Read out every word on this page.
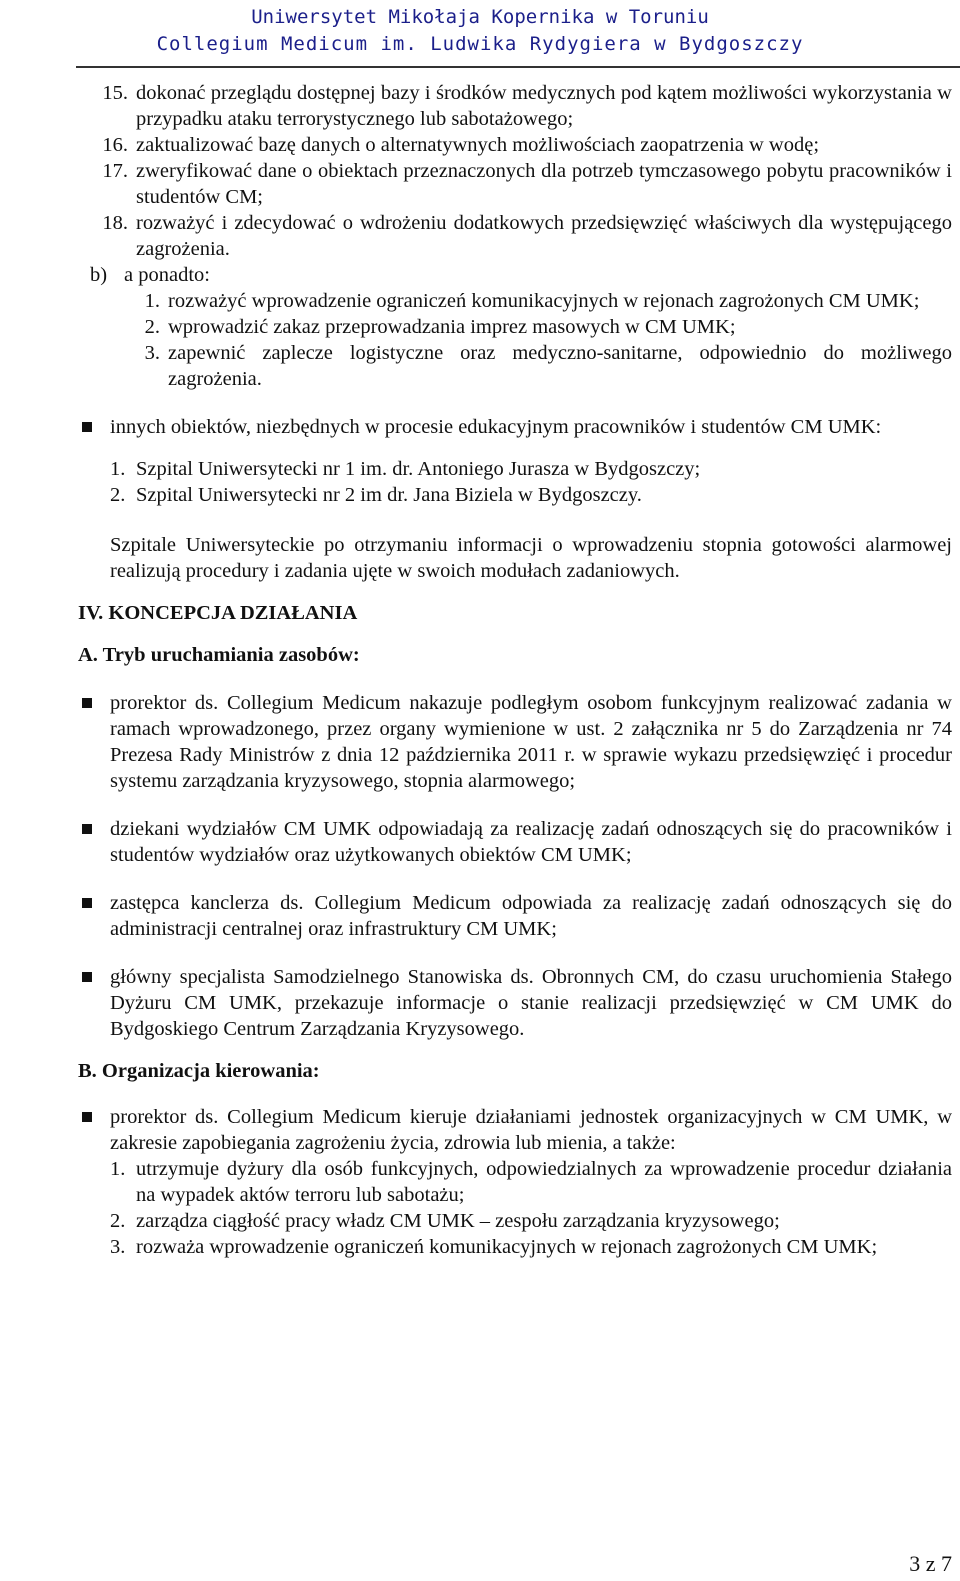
Uniwersytet Mikołaja Kopernika w Toruniu
Collegium Medicum im. Ludwika Rydygiera w Bydgoszczy
15. dokonać przeglądu dostępnej bazy i środków medycznych pod kątem możliwości wykorzystania w przypadku ataku terrorystycznego lub sabotażowego;
16. zaktualizować bazę danych o alternatywnych możliwościach zaopatrzenia w wodę;
17. zweryfikować dane o obiektach przeznaczonych dla potrzeb tymczasowego pobytu pracowników i studentów CM;
18. rozważyć i zdecydować o wdrożeniu dodatkowych przedsięwzięć właściwych dla występującego zagrożenia.
b) a ponadto:
1. rozważyć wprowadzenie ograniczeń komunikacyjnych w rejonach zagrożonych CM UMK;
2. wprowadzić zakaz przeprowadzania imprez masowych w CM UMK;
3. zapewnić zaplecze logistyczne oraz medyczno-sanitarne, odpowiednio do możliwego zagrożenia.
innych obiektów, niezbędnych w procesie edukacyjnym pracowników i studentów CM UMK:
1. Szpital Uniwersytecki nr 1 im. dr. Antoniego Jurasza w Bydgoszczy;
2. Szpital Uniwersytecki nr 2 im dr. Jana Biziela w Bydgoszczy.
Szpitale Uniwersyteckie po otrzymaniu informacji o wprowadzeniu stopnia gotowości alarmowej realizują procedury i zadania ujęte w swoich modułach zadaniowych.
IV. KONCEPCJA DZIAŁANIA
A. Tryb uruchamiania zasobów:
prorektor ds. Collegium Medicum nakazuje podległym osobom funkcyjnym realizować zadania w ramach wprowadzonego, przez organy wymienione w ust. 2 załącznika nr 5 do Zarządzenia nr 74 Prezesa Rady Ministrów z dnia 12 października 2011 r. w sprawie wykazu przedsięwzięć i procedur systemu zarządzania kryzysowego, stopnia alarmowego;
dziekani wydziałów CM UMK odpowiadają za realizację zadań odnoszących się do pracowników i studentów wydziałów oraz użytkowanych obiektów CM UMK;
zastępca kanclerza ds. Collegium Medicum odpowiada za realizację zadań odnoszących się do administracji centralnej oraz infrastruktury CM UMK;
główny specjalista Samodzielnego Stanowiska ds. Obronnych CM, do czasu uruchomienia Stałego Dyżuru CM UMK, przekazuje informacje o stanie realizacji przedsięwzięć w CM UMK do Bydgoskiego Centrum Zarządzania Kryzysowego.
B. Organizacja kierowania:
prorektor ds. Collegium Medicum kieruje działaniami jednostek organizacyjnych w CM UMK, w zakresie zapobiegania zagrożeniu życia, zdrowia lub mienia, a także:
1. utrzymuje dyżury dla osób funkcyjnych, odpowiedzialnych za wprowadzenie procedur działania na wypadek aktów terroru lub sabotażu;
2. zarządza ciągłość pracy władz CM UMK – zespołu zarządzania kryzysowego;
3. rozważa wprowadzenie ograniczeń komunikacyjnych w rejonach zagrożonych CM UMK;
3 z 7
